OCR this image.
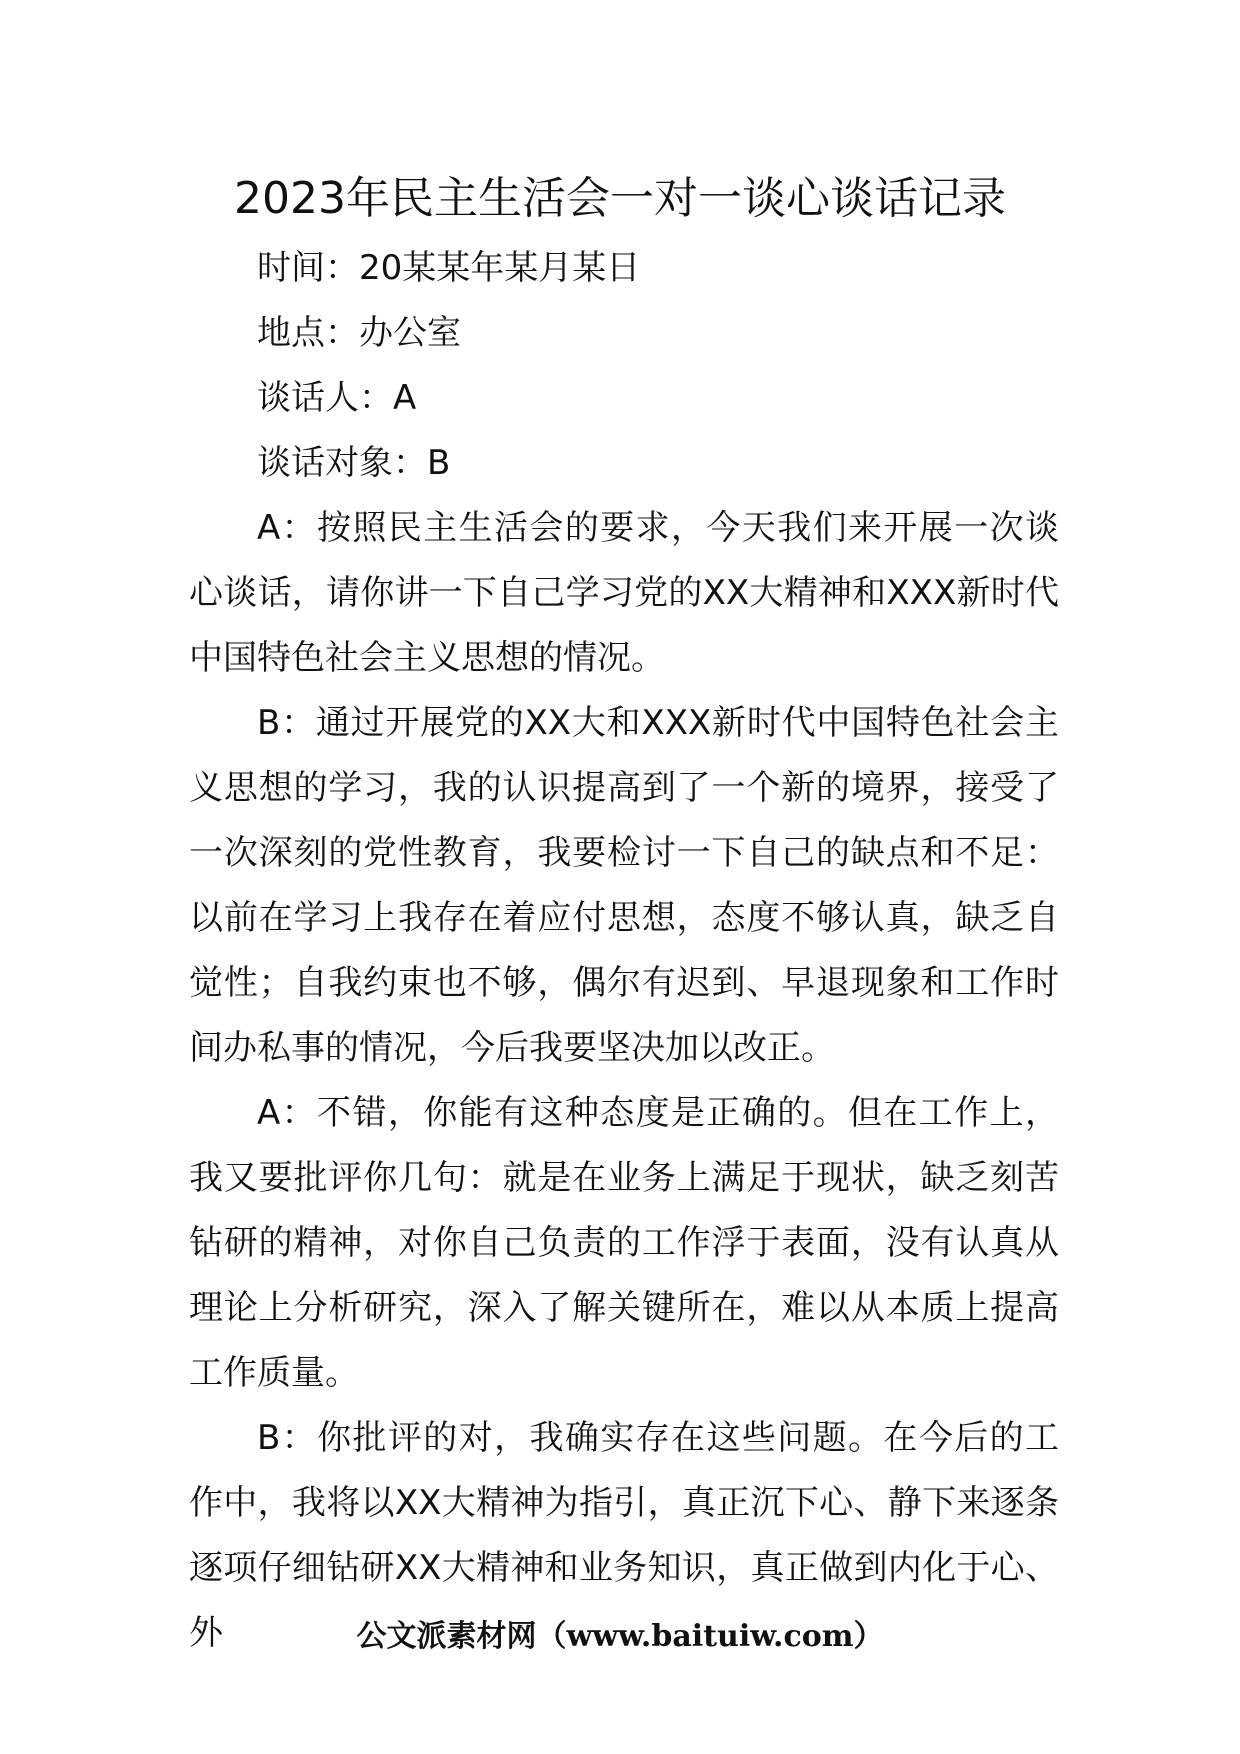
2023年民主生活会一对一谈心谈话记录

时间：20某某年某月某日

地点：办公室

谈话人：A

谈话对象：B

A：按照民主生活会的要求，今天我们来开展一次谈心谈话，请你讲一下自己学习党的XX大精神和XXX新时代中国特色社会主义思想的情况。

B：通过开展党的XX大和XXX新时代中国特色社会主义思想的学习，我的认识提高到了一个新的境界，接受了一次深刻的党性教育，我要检讨一下自己的缺点和不足：以前在学习上我存在着应付思想，态度不够认真，缺乏自觉性；自我约束也不够，偶尔有迟到、早退现象和工作时间办私事的情况，今后我要坚决加以改正。

A：不错，你能有这种态度是正确的。但在工作上，我又要批评你几句：就是在业务上满足于现状，缺乏刻苦钻研的精神，对你自己负责的工作浮于表面，没有认真从理论上分析研究，深入了解关键所在，难以从本质上提高工作质量。

B：你批评的对，我确实存在这些问题。在今后的工作中，我将以XX大精神为指引，真正沉下心、静下来逐条逐项仔细钻研XX大精神和业务知识，真正做到内化于心、外	公文派素材网（www.baituiw.com）
